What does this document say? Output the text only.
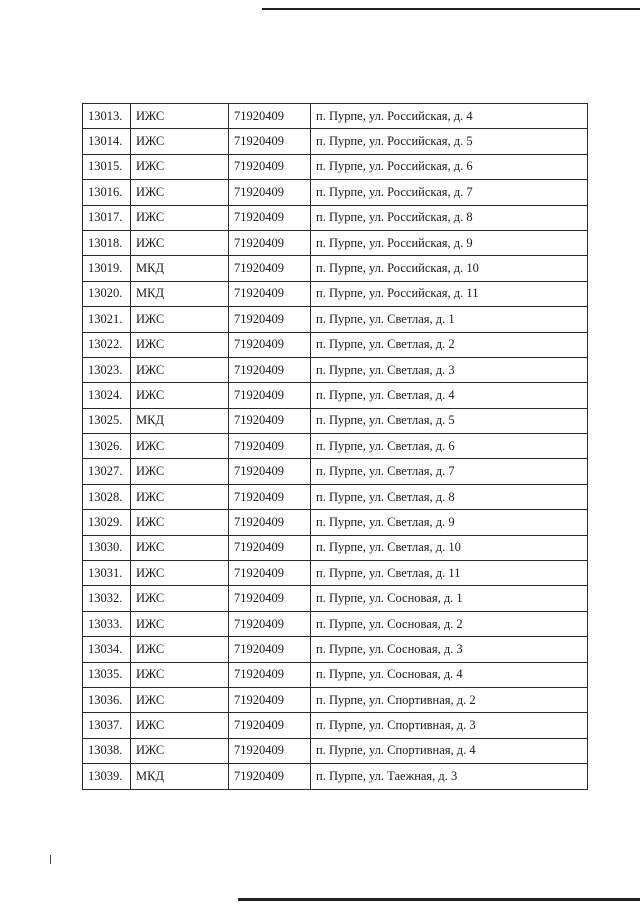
13013.	ИЖС	71920409	п. Пурпе, ул. Российская, д. 4
13014.	ИЖС	71920409	п. Пурпе, ул. Российская, д. 5
13015.	ИЖС	71920409	п. Пурпе, ул. Российская, д. 6
13016.	ИЖС	71920409	п. Пурпе, ул. Российская, д. 7
13017.	ИЖС	71920409	п. Пурпе, ул. Российская, д. 8
13018.	ИЖС	71920409	п. Пурпе, ул. Российская, д. 9
13019.	МКД	71920409	п. Пурпе, ул. Российская, д. 10
13020.	МКД	71920409	п. Пурпе, ул. Российская, д. 11
13021.	ИЖС	71920409	п. Пурпе, ул. Светлая, д. 1
13022.	ИЖС	71920409	п. Пурпе, ул. Светлая, д. 2
13023.	ИЖС	71920409	п. Пурпе, ул. Светлая, д. 3
13024.	ИЖС	71920409	п. Пурпе, ул. Светлая, д. 4
13025.	МКД	71920409	п. Пурпе, ул. Светлая, д. 5
13026.	ИЖС	71920409	п. Пурпе, ул. Светлая, д. 6
13027.	ИЖС	71920409	п. Пурпе, ул. Светлая, д. 7
13028.	ИЖС	71920409	п. Пурпе, ул. Светлая, д. 8
13029.	ИЖС	71920409	п. Пурпе, ул. Светлая, д. 9
13030.	ИЖС	71920409	п. Пурпе, ул. Светлая, д. 10
13031.	ИЖС	71920409	п. Пурпе, ул. Светлая, д. 11
13032.	ИЖС	71920409	п. Пурпе, ул. Сосновая, д. 1
13033.	ИЖС	71920409	п. Пурпе, ул. Сосновая, д. 2
13034.	ИЖС	71920409	п. Пурпе, ул. Сосновая, д. 3
13035.	ИЖС	71920409	п. Пурпе, ул. Сосновая, д. 4
13036.	ИЖС	71920409	п. Пурпе, ул. Спортивная, д. 2
13037.	ИЖС	71920409	п. Пурпе, ул. Спортивная, д. 3
13038.	ИЖС	71920409	п. Пурпе, ул. Спортивная, д. 4
13039.	МКД	71920409	п. Пурпе, ул. Таежная, д. 3
